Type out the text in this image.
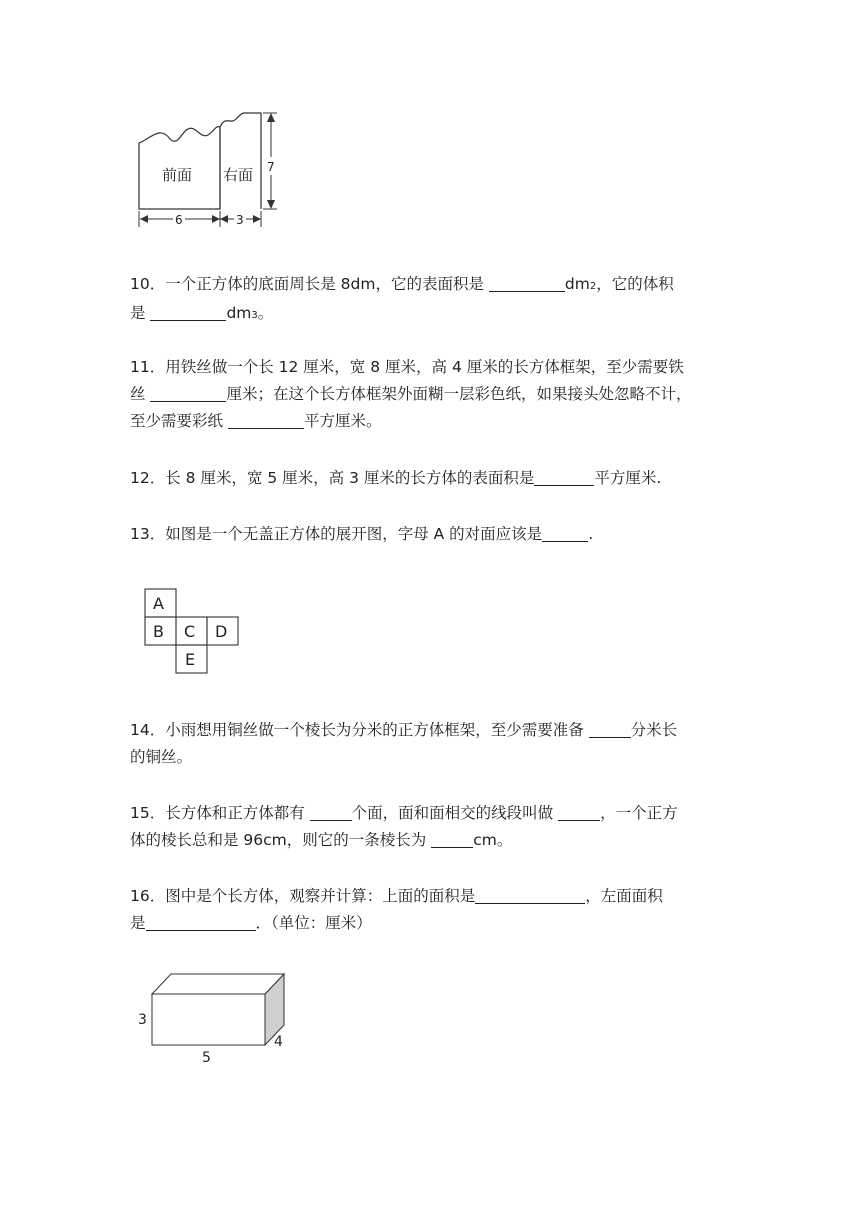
前面 右面 7
6	3
10．一个正方体的底面周长是 8dm，它的表面积是	dm2，它的体积
是	dm3。
11．用铁丝做一个长 12 厘米，宽 8 厘米，高 4 厘米的长方体框架，至少需要铁
丝	厘米；在这个长方体框架外面糊一层彩色纸，如果接头处忽略不计，
至少需要彩纸	平方厘米。
12．长 8 厘米，宽 5 厘米，高 3 厘米的长方体的表面积是	平方厘米.
13．如图是一个无盖正方体的展开图，字母 A 的对面应该是	.
A
B C D
E
14．小雨想用铜丝做一个棱长为分米的正方体框架，至少需要准备	分米长
的铜丝。
15．长方体和正方体都有	个面，面和面相交的线段叫做	，一个正方
体的棱长总和是 96cm，则它的一条棱长为	cm。
16．图中是个长方体，观察并计算：上面的面积是	，左面面积
是	．（单位：厘米）
3
5
4
